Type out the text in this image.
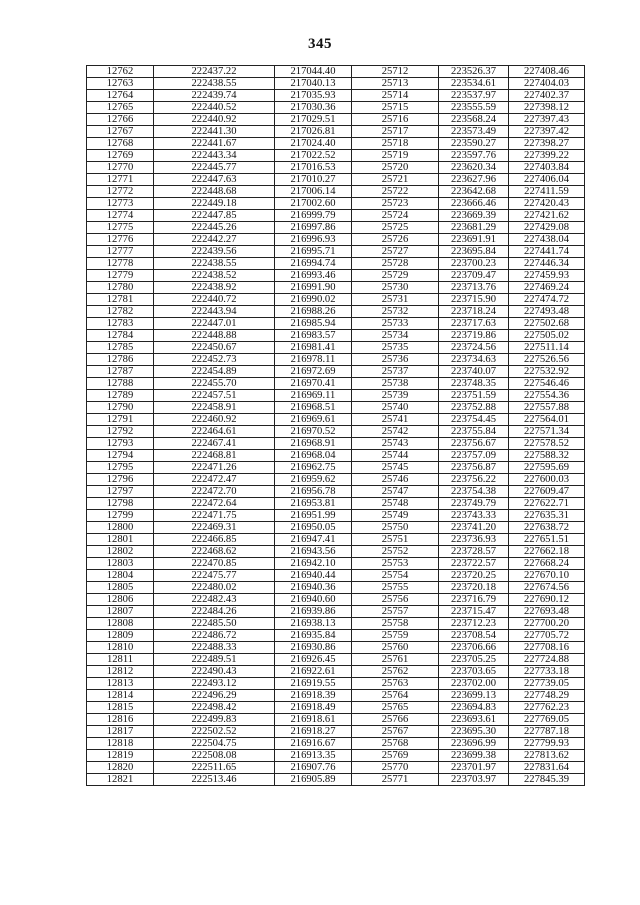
345
12762	222437.22	217044.40	25712	223526.37	227408.46
12763	222438.55	217040.13	25713	223534.61	227404.03
12764	222439.74	217035.93	25714	223537.97	227402.37
12765	222440.52	217030.36	25715	223555.59	227398.12
12766	222440.92	217029.51	25716	223568.24	227397.43
12767	222441.30	217026.81	25717	223573.49	227397.42
12768	222441.67	217024.40	25718	223590.27	227398.27
12769	222443.34	217022.52	25719	223597.76	227399.22
12770	222445.77	217016.53	25720	223620.34	227403.84
12771	222447.63	217010.27	25721	223627.96	227406.04
12772	222448.68	217006.14	25722	223642.68	227411.59
12773	222449.18	217002.60	25723	223666.46	227420.43
12774	222447.85	216999.79	25724	223669.39	227421.62
12775	222445.26	216997.86	25725	223681.29	227429.08
12776	222442.27	216996.93	25726	223691.91	227438.04
12777	222439.56	216995.71	25727	223695.84	227441.74
12778	222438.55	216994.74	25728	223700.23	227446.34
12779	222438.52	216993.46	25729	223709.47	227459.93
12780	222438.92	216991.90	25730	223713.76	227469.24
12781	222440.72	216990.02	25731	223715.90	227474.72
12782	222443.94	216988.26	25732	223718.24	227493.48
12783	222447.01	216985.94	25733	223717.63	227502.68
12784	222448.88	216983.57	25734	223719.86	227505.02
12785	222450.67	216981.41	25735	223724.56	227511.14
12786	222452.73	216978.11	25736	223734.63	227526.56
12787	222454.89	216972.69	25737	223740.07	227532.92
12788	222455.70	216970.41	25738	223748.35	227546.46
12789	222457.51	216969.11	25739	223751.59	227554.36
12790	222458.91	216968.51	25740	223752.88	227557.88
12791	222460.92	216969.61	25741	223754.45	227564.01
12792	222464.61	216970.52	25742	223755.84	227571.34
12793	222467.41	216968.91	25743	223756.67	227578.52
12794	222468.81	216968.04	25744	223757.09	227588.32
12795	222471.26	216962.75	25745	223756.87	227595.69
12796	222472.47	216959.62	25746	223756.22	227600.03
12797	222472.70	216956.78	25747	223754.38	227609.47
12798	222472.64	216953.81	25748	223749.79	227622.71
12799	222471.75	216951.99	25749	223743.33	227635.31
12800	222469.31	216950.05	25750	223741.20	227638.72
12801	222466.85	216947.41	25751	223736.93	227651.51
12802	222468.62	216943.56	25752	223728.57	227662.18
12803	222470.85	216942.10	25753	223722.57	227668.24
12804	222475.77	216940.44	25754	223720.25	227670.10
12805	222480.02	216940.36	25755	223720.18	227674.56
12806	222482.43	216940.60	25756	223716.79	227690.12
12807	222484.26	216939.86	25757	223715.47	227693.48
12808	222485.50	216938.13	25758	223712.23	227700.20
12809	222486.72	216935.84	25759	223708.54	227705.72
12810	222488.33	216930.86	25760	223706.66	227708.16
12811	222489.51	216926.45	25761	223705.25	227724.88
12812	222490.43	216922.61	25762	223703.65	227733.18
12813	222493.12	216919.55	25763	223702.00	227739.05
12814	222496.29	216918.39	25764	223699.13	227748.29
12815	222498.42	216918.49	25765	223694.83	227762.23
12816	222499.83	216918.61	25766	223693.61	227769.05
12817	222502.52	216918.27	25767	223695.30	227787.18
12818	222504.75	216916.67	25768	223696.99	227799.93
12819	222508.08	216913.35	25769	223699.38	227813.62
12820	222511.65	216907.76	25770	223701.97	227831.64
12821	222513.46	216905.89	25771	223703.97	227845.39
